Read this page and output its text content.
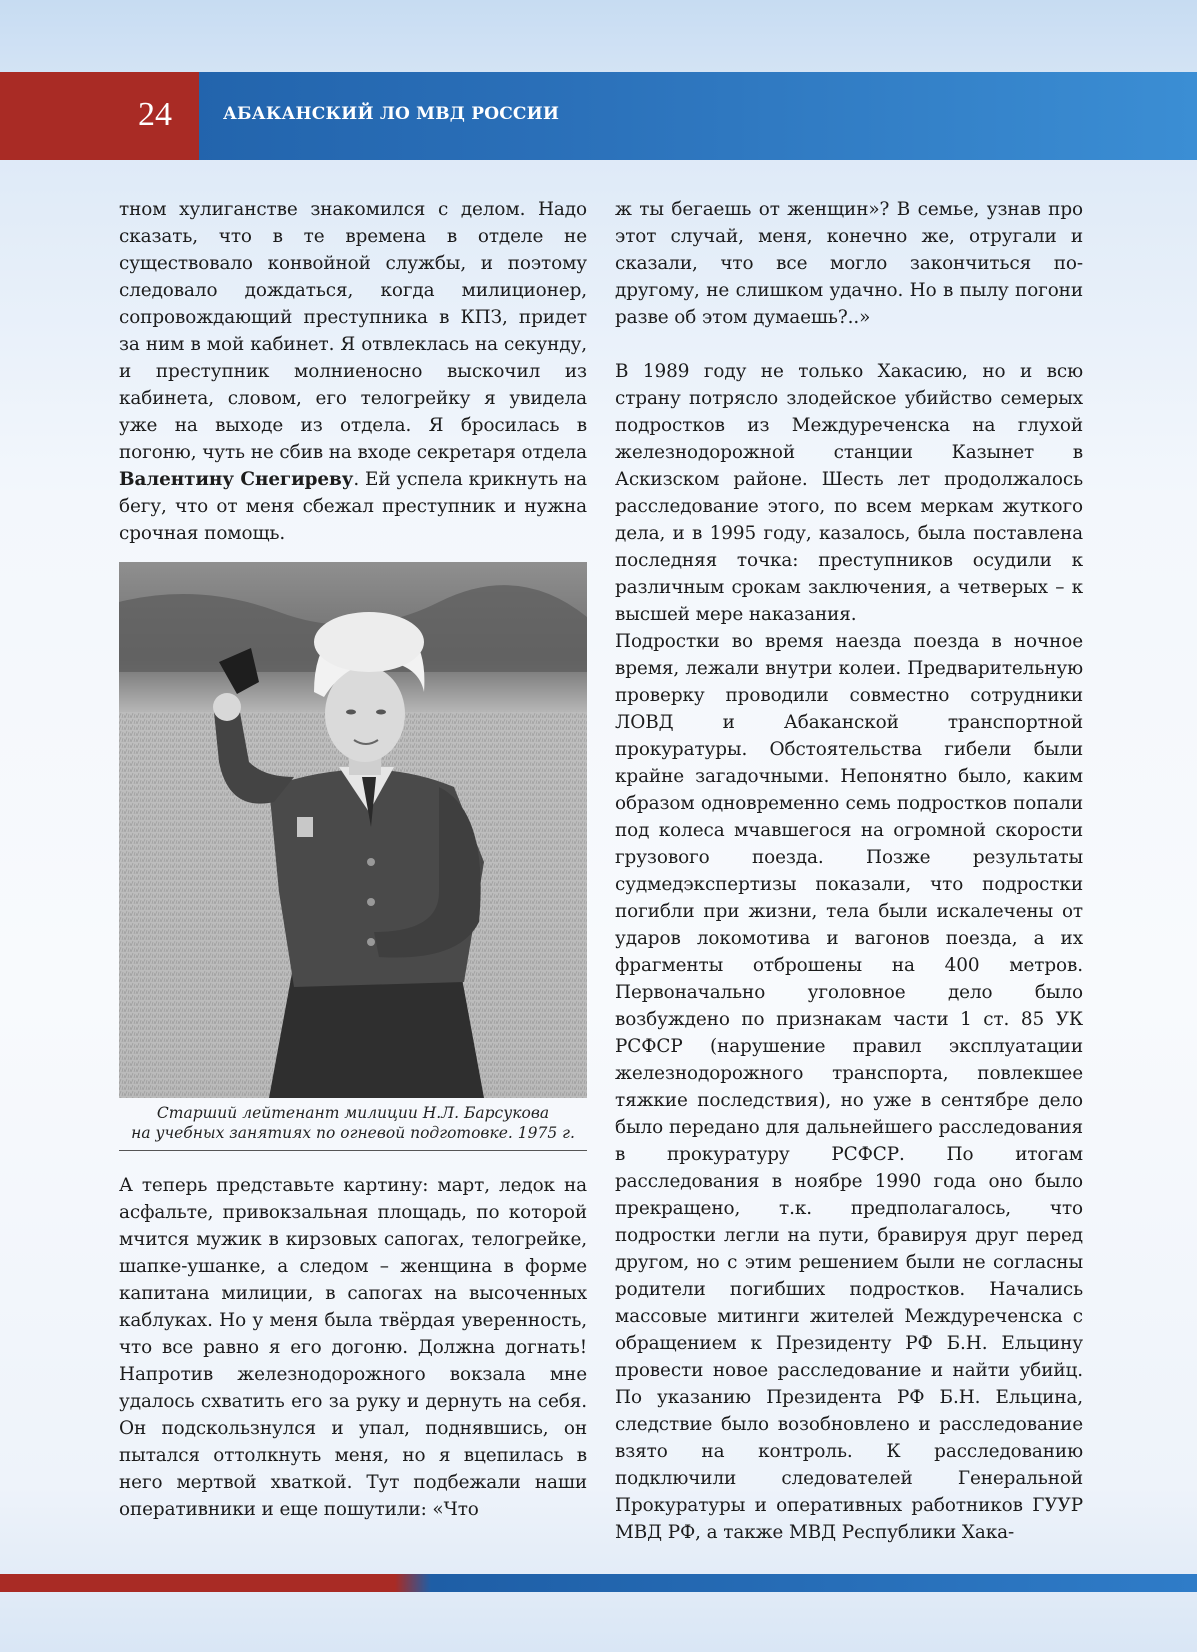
24	АБАКАНСКИЙ ЛО МВД РОССИИ

тном хулиганстве знакомился с делом. Надо сказать, что в те времена в отделе не существовало конвойной службы, и поэтому следовало дождаться, когда милиционер, сопровождающий преступника в КПЗ, придет за ним в мой кабинет. Я отвлеклась на секунду, и преступник молниеносно выскочил из кабинета, словом, его телогрейку я увидела уже на выходе из отдела. Я бросилась в погоню, чуть не сбив на входе секретаря отдела Валентину Снегиреву. Ей успела крикнуть на бегу, что от меня сбежал преступник и нужна срочная помощь.

Старший лейтенант милиции Н.Л. Барсукова
на учебных занятиях по огневой подготовке. 1975 г.

А теперь представьте картину: март, ледок на асфальте, привокзальная площадь, по которой мчится мужик в кирзовых сапогах, телогрейке, шапке-ушанке, а следом – женщина в форме капитана милиции, в сапогах на высоченных каблуках. Но у меня была твёрдая уверенность, что все равно я его догоню. Должна догнать! Напротив железнодорожного вокзала мне удалось схватить его за руку и дернуть на себя. Он подскользнулся и упал, поднявшись, он пытался оттолкнуть меня, но я вцепилась в него мертвой хваткой. Тут подбежали наши оперативники и еще пошутили: «Что

ж ты бегаешь от женщин»? В семье, узнав про этот случай, меня, конечно же, отругали и сказали, что все могло закончиться по-другому, не слишком удачно. Но в пылу погони разве об этом думаешь?..»

В 1989 году не только Хакасию, но и всю страну потрясло злодейское убийство семерых подростков из Междуреченска на глухой железнодорожной станции Казынет в Аскизском районе. Шесть лет продолжалось расследование этого, по всем меркам жуткого дела, и в 1995 году, казалось, была поставлена последняя точка: преступников осудили к различным срокам заключения, а четверых – к высшей мере наказания.

Подростки во время наезда поезда в ночное время, лежали внутри колеи. Предварительную проверку проводили совместно сотрудники ЛОВД и Абаканской транспортной прокуратуры. Обстоятельства гибели были крайне загадочными. Непонятно было, каким образом одновременно семь подростков попали под колеса мчавшегося на огромной скорости грузового поезда. Позже результаты судмедэкспертизы показали, что подростки погибли при жизни, тела были искалечены от ударов локомотива и вагонов поезда, а их фрагменты отброшены на 400 метров. Первоначально уголовное дело было возбуждено по признакам части 1 ст. 85 УК РСФСР (нарушение правил эксплуатации железнодорожного транспорта, повлекшее тяжкие последствия), но уже в сентябре дело было передано для дальнейшего расследования в прокуратуру РСФСР. По итогам расследования в ноябре 1990 года оно было прекращено, т.к. предполагалось, что подростки легли на пути, бравируя друг перед другом, но с этим решением были не согласны родители погибших подростков. Начались массовые митинги жителей Междуреченска с обращением к Президенту РФ Б.Н. Ельцину провести новое расследование и найти убийц. По указанию Президента РФ Б.Н. Ельцина, следствие было возобновлено и расследование взято на контроль. К расследованию подключили следователей Генеральной Прокуратуры и оперативных работников ГУУР МВД РФ, а также МВД Республики Хака-
